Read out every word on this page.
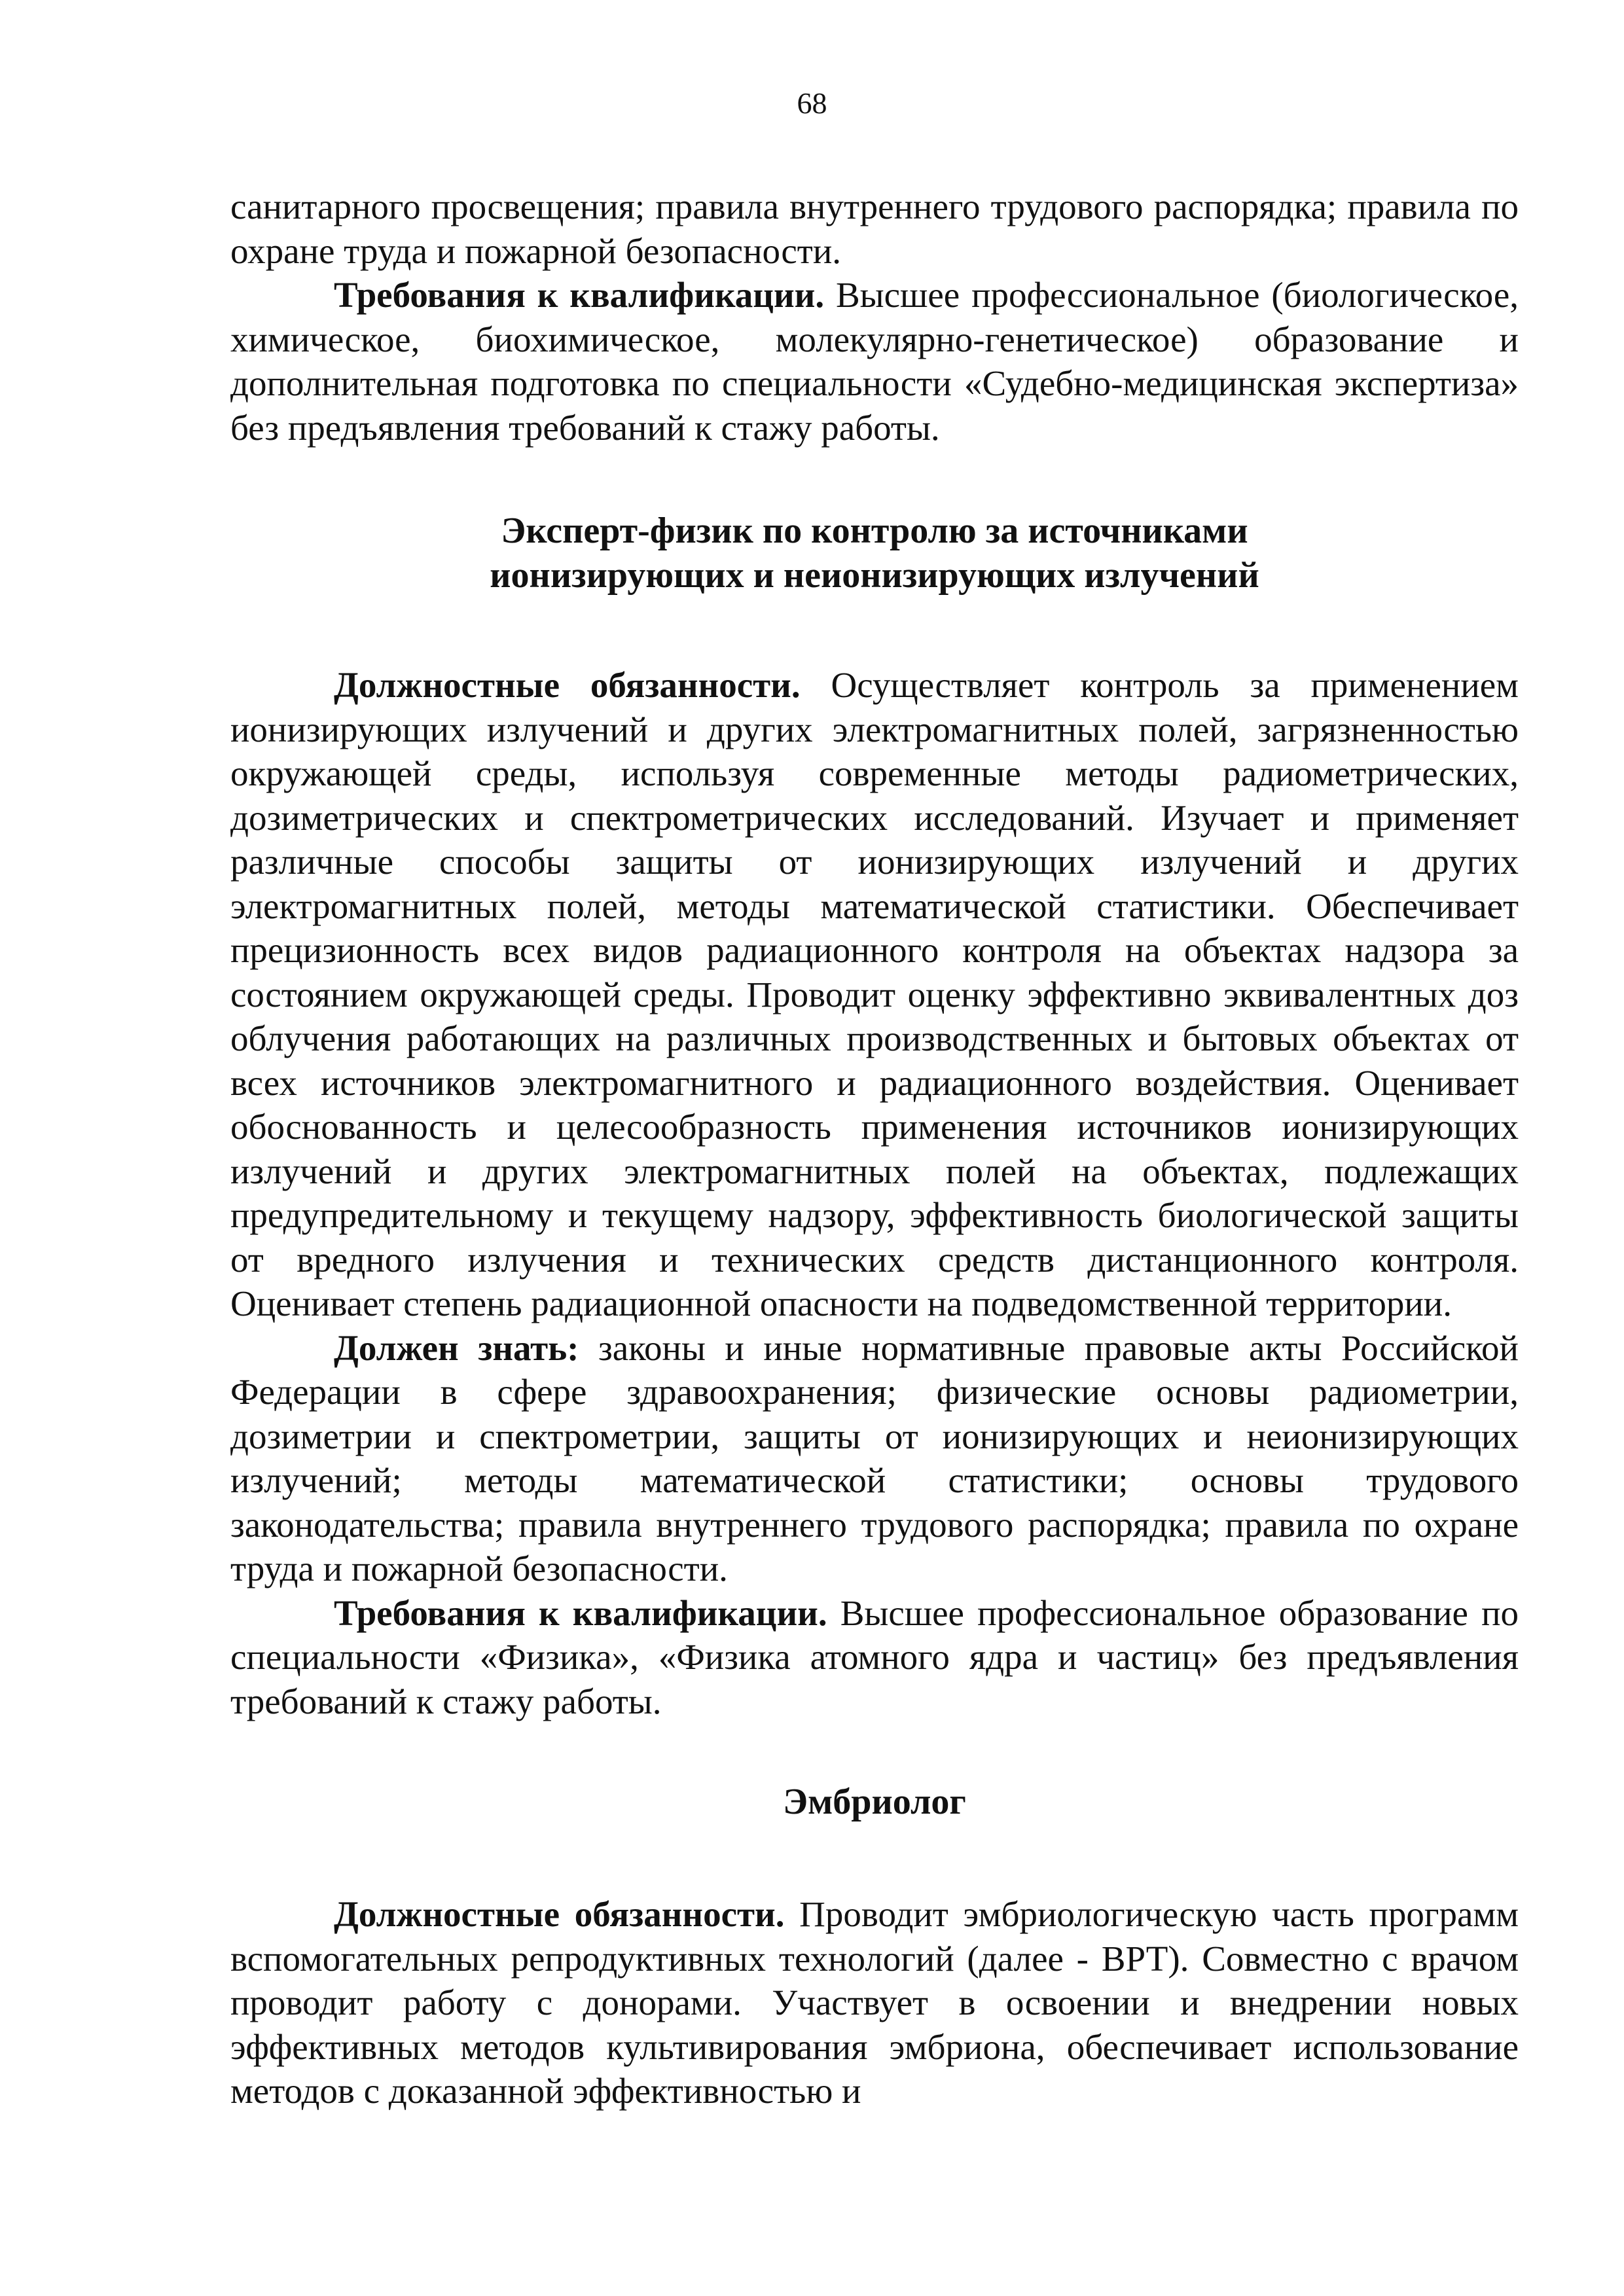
68

санитарного просвещения; правила внутреннего трудового распорядка; правила по охране труда и пожарной безопасности.

Требования к квалификации. Высшее профессиональное (биологическое, химическое, биохимическое, молекулярно-генетическое) образование и дополнительная подготовка по специальности «Судебно-медицинская экспертиза» без предъявления требований к стажу работы.

Эксперт-физик по контролю за источниками

ионизирующих и неионизирующих излучений

Должностные обязанности. Осуществляет контроль за применением ионизирующих излучений и других электромагнитных полей, загрязненностью окружающей среды, используя современные методы радиометрических, дозиметрических и спектрометрических исследований. Изучает и применяет различные способы защиты от ионизирующих излучений и других электромагнитных полей, методы математической статистики. Обеспечивает прецизионность всех видов радиационного контроля на объектах надзора за состоянием окружающей среды. Проводит оценку эффективно эквивалентных доз облучения работающих на различных производственных и бытовых объектах от всех источников электромагнитного и радиационного воздействия. Оценивает обоснованность и целесообразность применения источников ионизирующих излучений и других электромагнитных полей на объектах, подлежащих предупредительному и текущему надзору, эффективность биологической защиты от вредного излучения и технических средств дистанционного контроля. Оценивает степень радиационной опасности на подведомственной территории.

Должен знать: законы и иные нормативные правовые акты Российской Федерации в сфере здравоохранения; физические основы радиометрии, дозиметрии и спектрометрии, защиты от ионизирующих и неионизирующих излучений; методы математической статистики; основы трудового законодательства; правила внутреннего трудового распорядка; правила по охране труда и пожарной безопасности.

Требования к квалификации. Высшее профессиональное образование по специальности «Физика», «Физика атомного ядра и частиц» без предъявления требований к стажу работы.

Эмбриолог

Должностные обязанности. Проводит эмбриологическую часть программ вспомогательных репродуктивных технологий (далее - ВРТ). Совместно с врачом проводит работу с донорами. Участвует в освоении и внедрении новых эффективных методов культивирования эмбриона, обеспечивает использование методов с доказанной эффективностью и
